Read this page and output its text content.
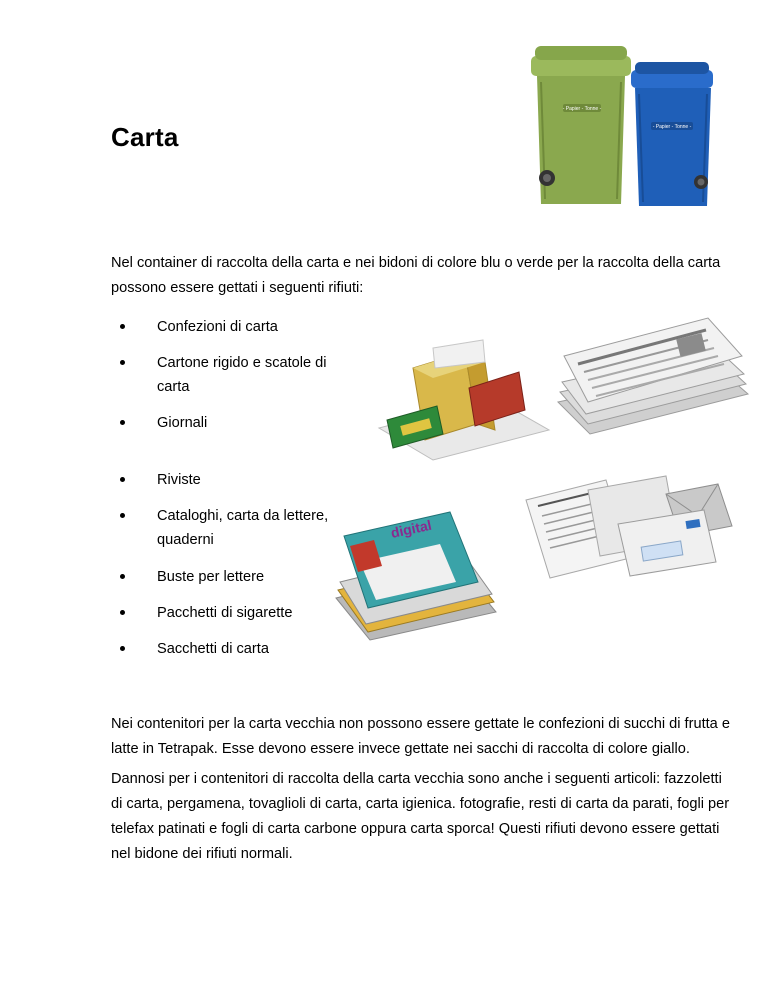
Carta
- Papier - Tonne -
- Papier - Tonne -

Nel container di raccolta della carta e nei bidoni di colore blu o verde per la raccolta della carta possono essere gettati i seguenti rifiuti:

Confezioni di carta
Cartone rigido e scatole di carta
Giornali
Riviste
Cataloghi, carta da lettere, quaderni
Buste per lettere
Pacchetti di sigarette
Sacchetti di carta
digital

Nei contenitori per la carta vecchia non possono essere gettate le confezioni di succhi di frutta e latte in Tetrapak. Esse devono essere invece gettate nei sacchi di raccolta di colore giallo.

Dannosi per i contenitori di raccolta della carta vecchia sono anche i seguenti articoli: fazzoletti di carta, pergamena, tovaglioli di carta, carta igienica. fotografie, resti di carta da parati, fogli per telefax patinati e fogli di carta carbone oppura carta sporca! Questi rifiuti devono essere gettati nel bidone dei rifiuti normali.
